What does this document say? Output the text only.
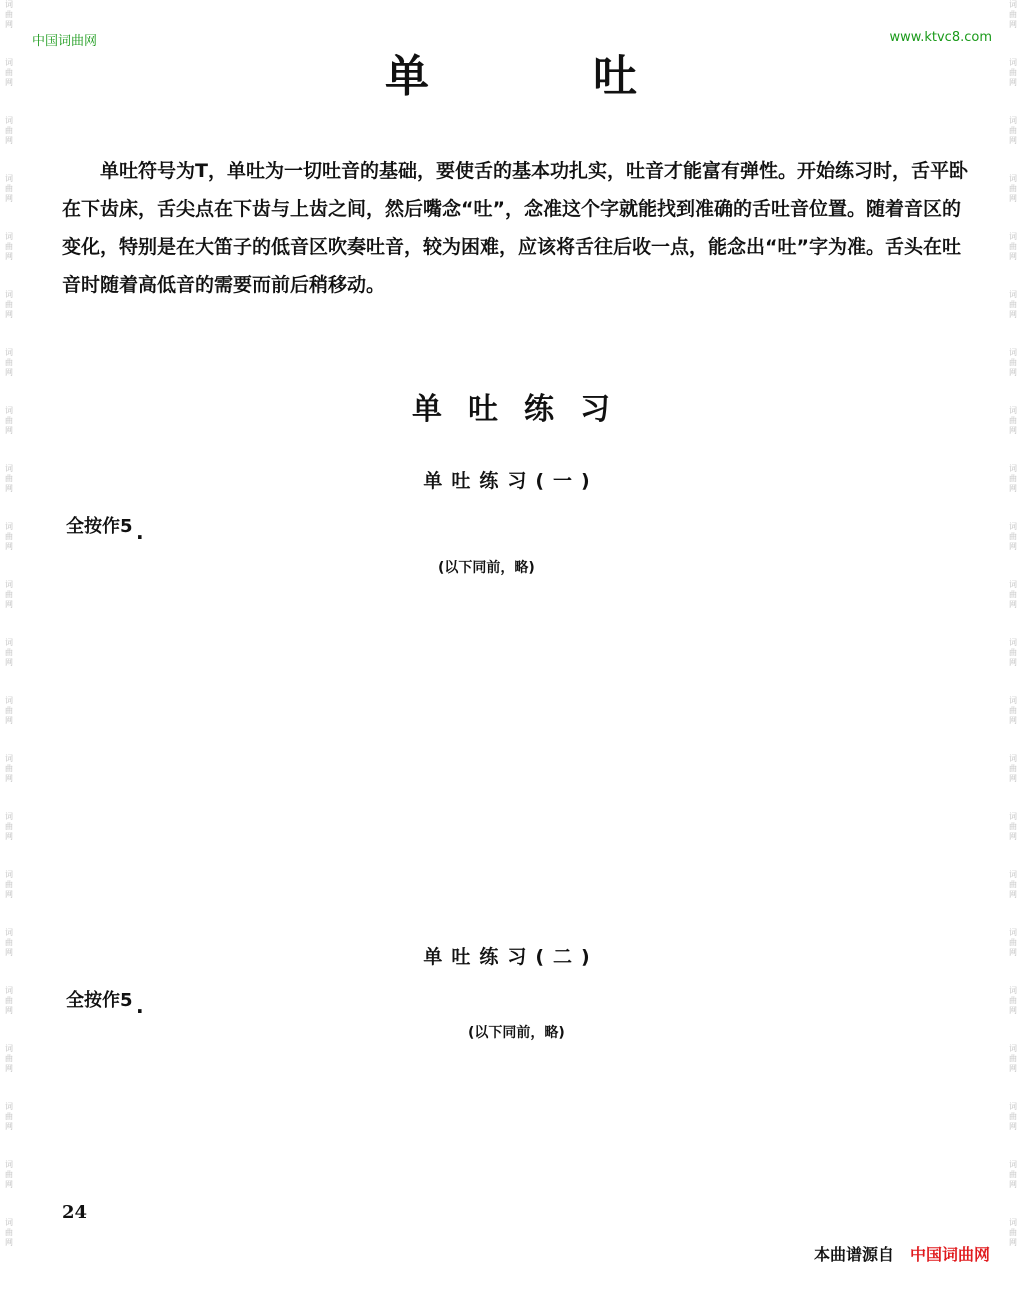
词
曲
网
词
曲
网
词
曲
网
词
曲
网
词
曲
网
词
曲
网
词
曲
网
词
曲
网
词
曲
网
词
曲
网
词
曲
网
词
曲
网
词
曲
网
词
曲
网
词
曲
网
词
曲
网
词
曲
网
词
曲
网
词
曲
网
词
曲
网
词
曲
网
词
曲
网
词
曲
网
词
曲
网
词
曲
网
词
曲
网
词
曲
网
词
曲
网
词
曲
网
词
曲
网
词
曲
网
词
曲
网
词
曲
网
词
曲
网
词
曲
网
词
曲
网
词
曲
网
词
曲
网
词
曲
网
词
曲
网
词
曲
网
词
曲
网
词
曲
网
词
曲
网
中国词曲网	www.ktvc8.com
单　吐

单吐符号为T，单吐为一切吐音的基础，要使舌的基本功扎实，吐音才能富有弹性。开始练习时，舌平卧在下齿床，舌尖点在下齿与上齿之间，然后嘴念“吐”，念准这个字就能找到准确的舌吐音位置。随着音区的变化，特别是在大笛子的低音区吹奏吐音，较为困难，应该将舌往后收一点，能念出“吐”字为准。舌头在吐音时随着高低音的需要而前后稍移动。

单吐练习
单吐练习(一)
全按作5 ·
(以下同前，略)
单吐练习(二)
全按作5 ·
(以下同前，略)
24
本曲谱源自 中国词曲网
